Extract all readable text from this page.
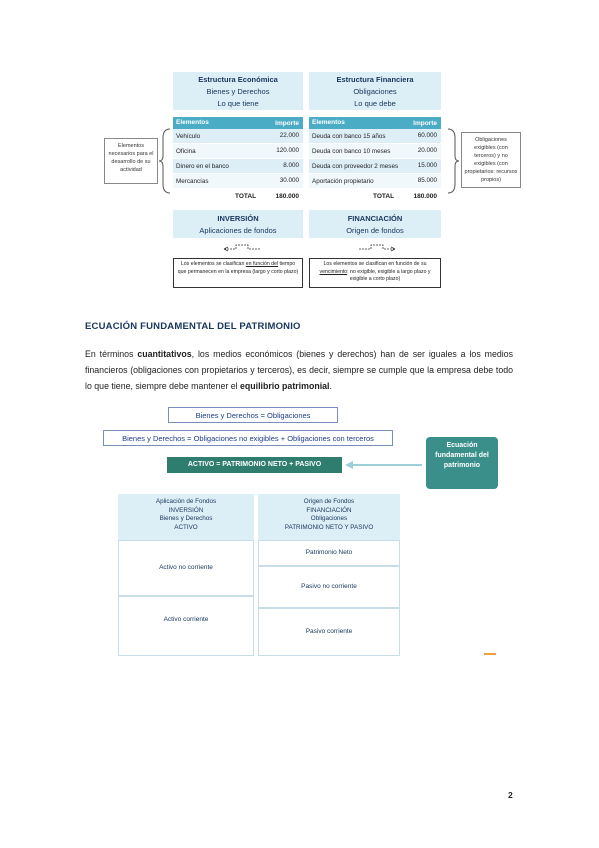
Estructura Económica
Bienes y Derechos
Lo que tiene
Elementos	Importe
Vehículo	22.000
Oficina	120.000
Dinero en el banco	8.000
Mercancías	30.000
TOTAL	180.000
INVERSIÓN
Aplicaciones de fondos
Estructura Financiera
Obligaciones
Lo que debe
Elementos	Importe
Deuda con banco 15 años	60.000
Deuda con banco 10 meses	20.000
Deuda con proveedor 2 meses	15.000
Aportación propietario	85.000
TOTAL	180.000
FINANCIACIÓN
Origen de fondos
Elementos necesarios para el desarrollo de su actividad
Obligaciones exigibles (con terceros) y no exigibles (con propietarios: recursos propios)
Los elementos se clasifican en función del tiempo que permanecen en la empresa (largo y corto plazo)
Los elementos se clasifican en función de su vencimiento: no exigible, exigible a largo plazo y exigible a corto plazo)
ECUACIÓN FUNDAMENTAL DEL PATRIMONIO
En términos cuantitativos, los medios económicos (bienes y derechos) han de ser iguales a los medios financieros (obligaciones con propietarios y terceros), es decir, siempre se cumple que la empresa debe todo lo que tiene, siempre debe mantener el equilibrio patrimonial.
Bienes y Derechos = Obligaciones
Bienes y Derechos = Obligaciones no exigibles + Obligaciones con terceros
ACTIVO = PATRIMONIO NETO + PASIVO
Ecuación fundamental del patrimonio
Aplicación de Fondos
INVERSIÓN
Bienes y Derechos
ACTIVO
Origen de Fondos
FINANCIACIÓN
Obligaciones
PATRIMONIO NETO Y PASIVO
Activo no corriente
Activo corriente
Patrimonio Neto
Pasivo no corriente
Pasivo corriente
2
